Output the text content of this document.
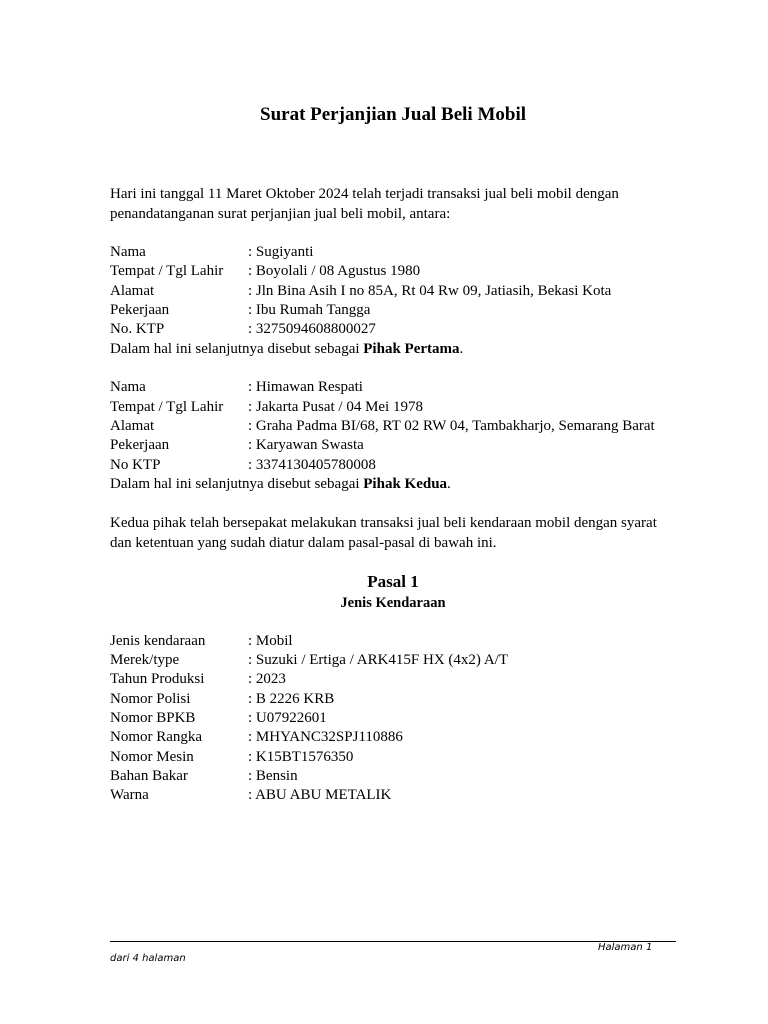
Surat Perjanjian Jual Beli Mobil
Hari ini tanggal 11 Maret Oktober 2024 telah terjadi transaksi jual beli mobil dengan
penandatanganan surat perjanjian jual beli mobil, antara:
Nama	: Sugiyanti
Tempat / Tgl Lahir : Boyolali / 08 Agustus 1980
Alamat	: Jln Bina Asih I no 85A, Rt 04 Rw 09, Jatiasih, Bekasi Kota
Pekerjaan	: Ibu Rumah Tangga
No. KTP	: 3275094608800027
Dalam hal ini selanjutnya disebut sebagai Pihak Pertama.
Nama	: Himawan Respati
Tempat / Tgl Lahir : Jakarta Pusat / 04 Mei 1978
Alamat	: Graha Padma BI/68, RT 02 RW 04, Tambakharjo, Semarang Barat
Pekerjaan	: Karyawan Swasta
No KTP	: 3374130405780008
Dalam hal ini selanjutnya disebut sebagai Pihak Kedua.
Kedua pihak telah bersepakat melakukan transaksi jual beli kendaraan mobil dengan syarat
dan ketentuan yang sudah diatur dalam pasal-pasal di bawah ini.
Pasal 1
Jenis Kendaraan
Jenis kendaraan	: Mobil
Merek/type	: Suzuki / Ertiga / ARK415F HX (4x2) A/T
Tahun Produksi	: 2023
Nomor Polisi	: B 2226 KRB
Nomor BPKB	: U07922601
Nomor Rangka	: MHYANC32SPJ110886
Nomor Mesin	: K15BT1576350
Bahan Bakar	: Bensin
Warna	: ABU ABU METALIK
Halaman 1
dari 4 halaman
